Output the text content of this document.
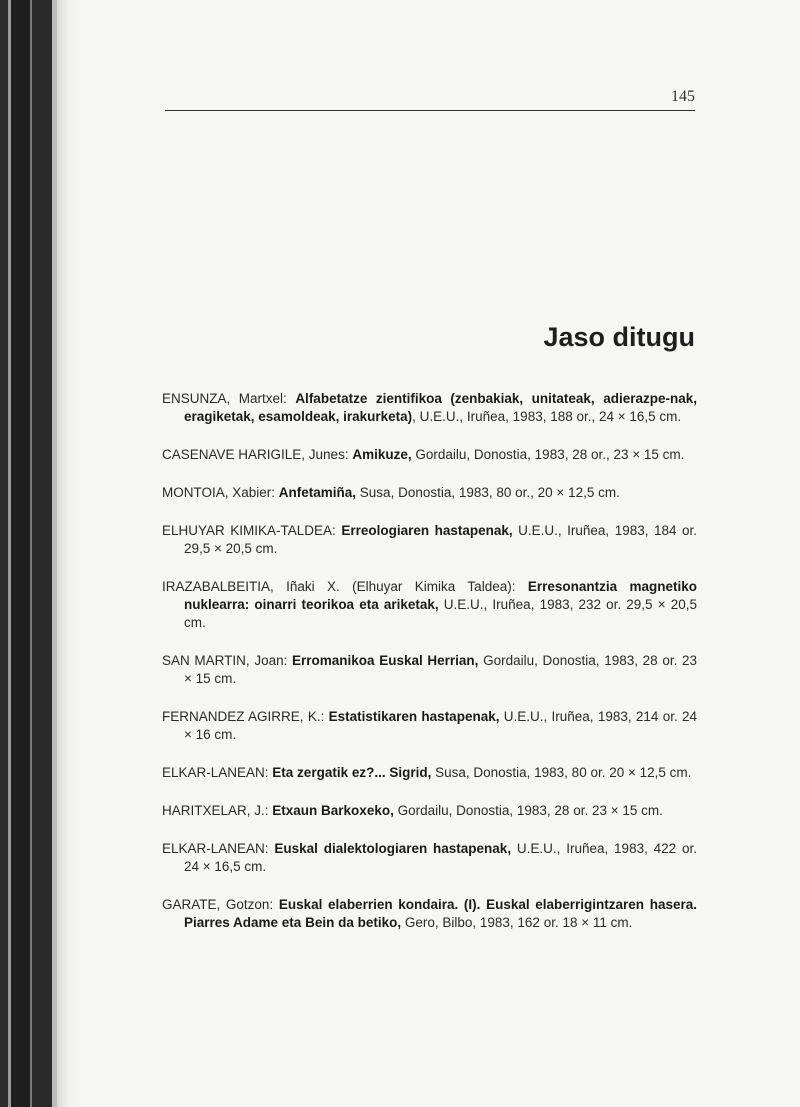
145
Jaso ditugu
ENSUNZA, Martxel: Alfabetatze zientifikoa (zenbakiak, unitateak, adierazpe-nak, eragiketak, esamoldeak, irakurketa), U.E.U., Iruñea, 1983, 188 or., 24 × 16,5 cm.
CASENAVE HARIGILE, Junes: Amikuze, Gordailu, Donostia, 1983, 28 or., 23 × 15 cm.
MONTOIA, Xabier: Anfetamiña, Susa, Donostia, 1983, 80 or., 20 × 12,5 cm.
ELHUYAR KIMIKA-TALDEA: Erreologiaren hastapenak, U.E.U., Iruñea, 1983, 184 or. 29,5 × 20,5 cm.
IRAZABALBEITIA, Iñaki X. (Elhuyar Kimika Taldea): Erresonantzia magnetiko nuklearra: oinarri teorikoa eta ariketak, U.E.U., Iruñea, 1983, 232 or. 29,5 × 20,5 cm.
SAN MARTIN, Joan: Erromanikoa Euskal Herrian, Gordailu, Donostia, 1983, 28 or. 23 × 15 cm.
FERNANDEZ AGIRRE, K.: Estatistikaren hastapenak, U.E.U., Iruñea, 1983, 214 or. 24 × 16 cm.
ELKAR-LANEAN: Eta zergatik ez?... Sigrid, Susa, Donostia, 1983, 80 or. 20 × 12,5 cm.
HARITXELAR, J.: Etxaun Barkoxeko, Gordailu, Donostia, 1983, 28 or. 23 × 15 cm.
ELKAR-LANEAN: Euskal dialektologiaren hastapenak, U.E.U., Iruñea, 1983, 422 or. 24 × 16,5 cm.
GARATE, Gotzon: Euskal elaberrien kondaira. (I). Euskal elaberrigintzaren hasera. Piarres Adame eta Bein da betiko, Gero, Bilbo, 1983, 162 or. 18 × 11 cm.
